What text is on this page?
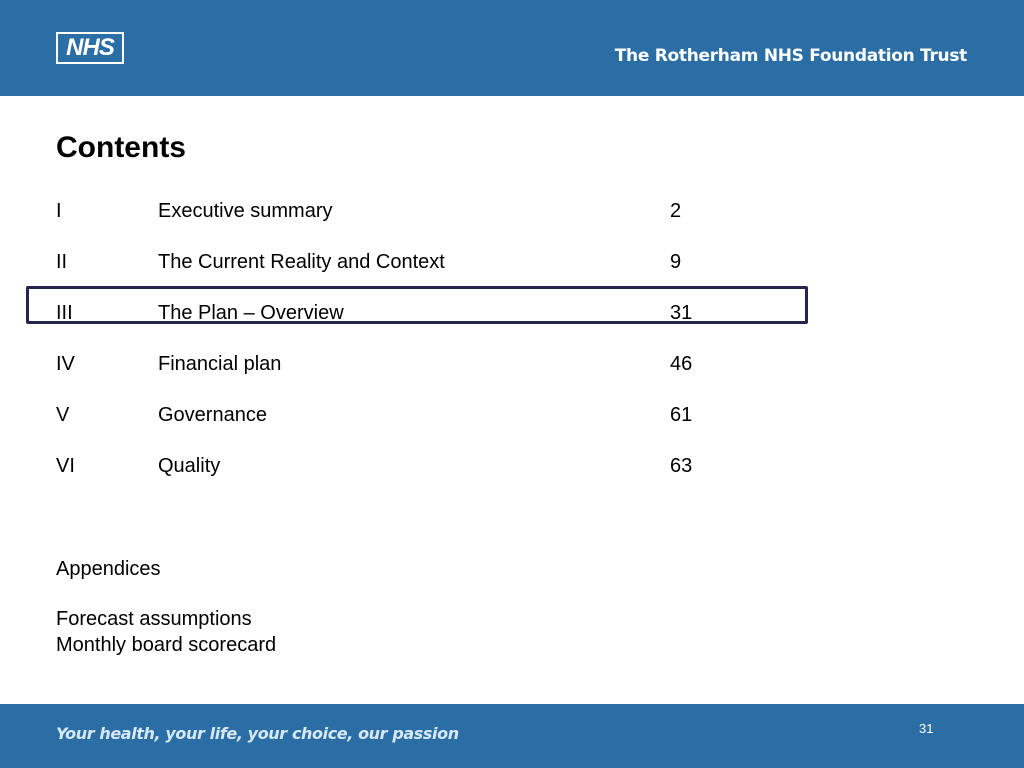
NHS	The Rotherham NHS Foundation Trust
Contents
I	Executive summary	2
II	The Current Reality and Context	9
III	The Plan – Overview	31
IV	Financial plan	46
V	Governance	61
VI	Quality	63
Appendices
Forecast assumptions
Monthly board scorecard
Your health, your life, your choice, our passion	31
